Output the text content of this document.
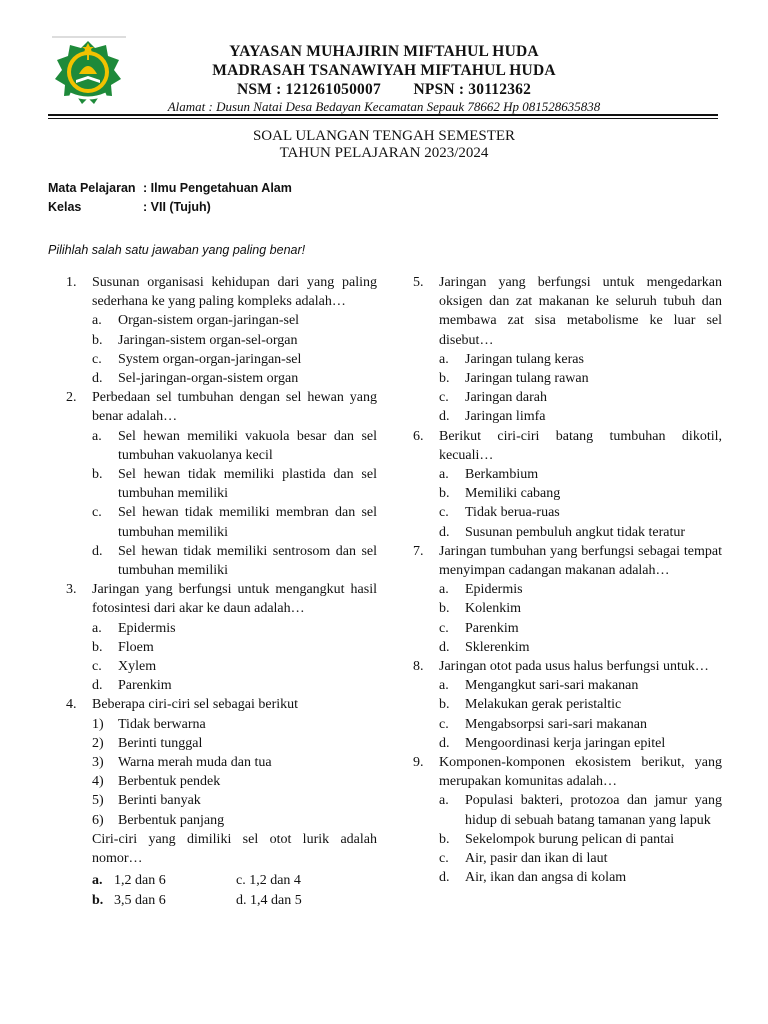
YAYASAN MUHAJIRIN MIFTAHUL HUDA
MADRASAH TSANAWIYAH MIFTAHUL HUDA
NSM : 121261050007        NPSN : 30112362
Alamat : Dusun Natai Desa Bedayan Kecamatan Sepauk 78662 Hp 081528635838
SOAL ULANGAN TENGAH SEMESTER
TAHUN PELAJARAN 2023/2024
Mata Pelajaran : Ilmu Pengetahuan Alam
Kelas	: VII (Tujuh)
Pilihlah salah satu jawaban yang paling benar!
1. Susunan organisasi kehidupan dari yang paling sederhana ke yang paling kompleks adalah…
a. Organ-sistem organ-jaringan-sel
b. Jaringan-sistem organ-sel-organ
c. System organ-organ-jaringan-sel
d. Sel-jaringan-organ-sistem organ
2. Perbedaan sel tumbuhan dengan sel hewan yang benar adalah…
a. Sel hewan memiliki vakuola besar dan sel tumbuhan vakuolanya kecil
b. Sel hewan tidak memiliki plastida dan sel tumbuhan memiliki
c. Sel hewan tidak memiliki membran dan sel tumbuhan memiliki
d. Sel hewan tidak memiliki sentrosom dan sel tumbuhan memiliki
3. Jaringan yang berfungsi untuk mengangkut hasil fotosintesi dari akar ke daun adalah…
a. Epidermis
b. Floem
c. Xylem
d. Parenkim
4. Beberapa ciri-ciri sel sebagai berikut
1) Tidak berwarna
2) Berinti tunggal
3) Warna merah muda dan tua
4) Berbentuk pendek
5) Berinti banyak
6) Berbentuk panjang
Ciri-ciri yang dimiliki sel otot lurik adalah nomor…
a. 1,2 dan 6	c. 1,2 dan 4
b. 3,5 dan 6	d. 1,4 dan 5
5. Jaringan yang berfungsi untuk mengedarkan oksigen dan zat makanan ke seluruh tubuh dan membawa zat sisa metabolisme ke luar sel disebut…
a. Jaringan tulang keras
b. Jaringan tulang rawan
c. Jaringan darah
d. Jaringan limfa
6. Berikut ciri-ciri batang tumbuhan dikotil, kecuali…
a. Berkambium
b. Memiliki cabang
c. Tidak berua-ruas
d. Susunan pembuluh angkut tidak teratur
7. Jaringan tumbuhan yang berfungsi sebagai tempat menyimpan cadangan makanan adalah…
a. Epidermis
b. Kolenkim
c. Parenkim
d. Sklerenkim
8. Jaringan otot pada usus halus berfungsi untuk…
a. Mengangkut sari-sari makanan
b. Melakukan gerak peristaltic
c. Mengabsorpsi sari-sari makanan
d. Mengoordinasi kerja jaringan epitel
9. Komponen-komponen ekosistem berikut, yang merupakan komunitas adalah…
a. Populasi bakteri, protozoa dan jamur yang hidup di sebuah batang tamanan yang lapuk
b. Sekelompok burung pelican di pantai
c. Air, pasir dan ikan di laut
d. Air, ikan dan angsa di kolam
